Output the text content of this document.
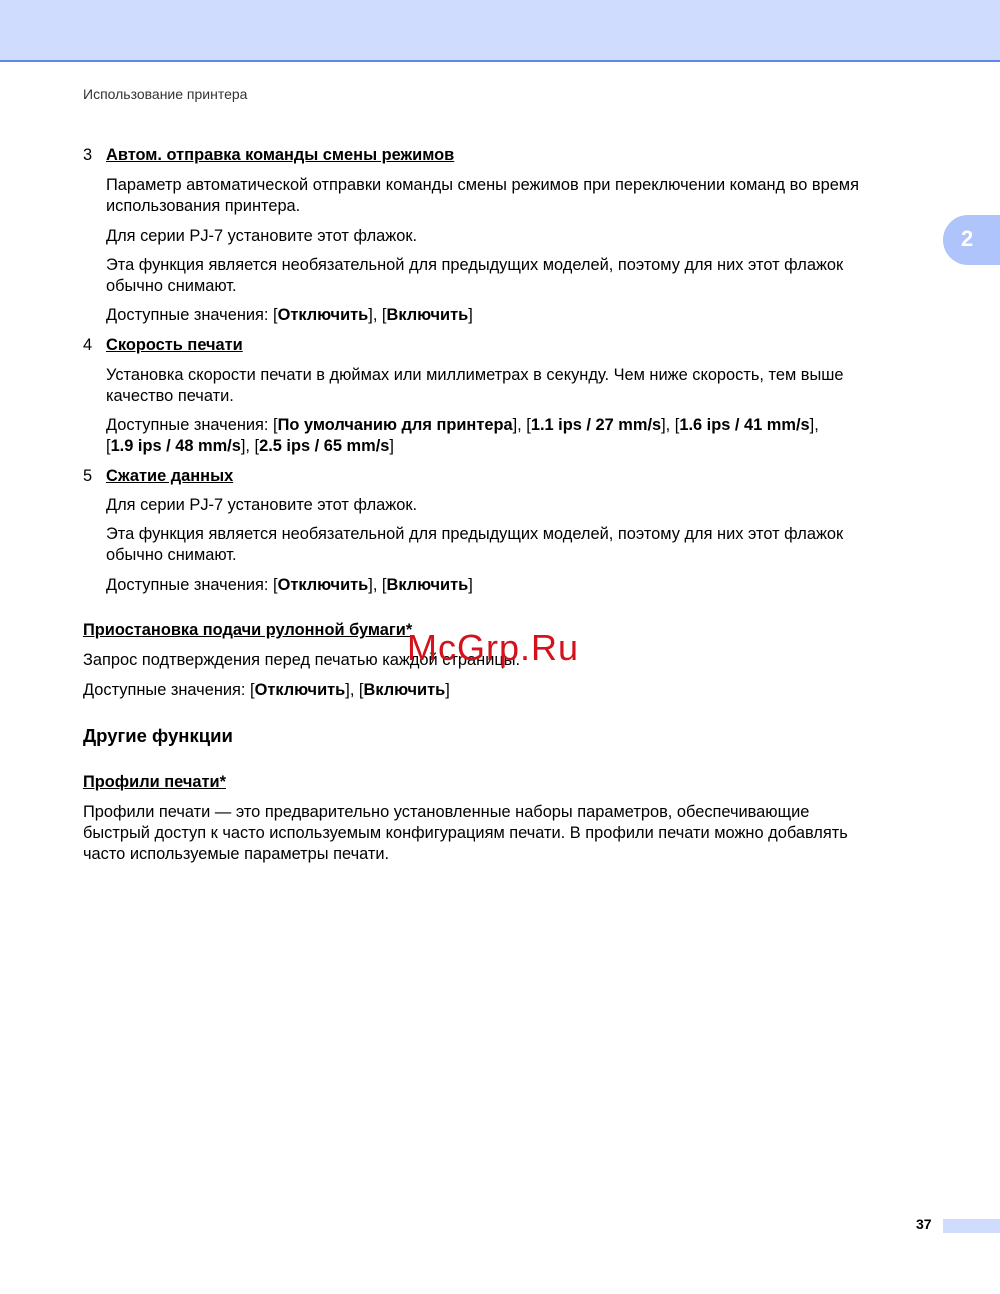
Использование принтера
2
3 Автом. отправка команды смены режимов
Параметр автоматической отправки команды смены режимов при переключении команд во время
использования принтера.
Для серии PJ-7 установите этот флажок.
Эта функция является необязательной для предыдущих моделей, поэтому для них этот флажок
обычно снимают.
Доступные значения: [Отключить], [Включить]
4 Скорость печати
Установка скорости печати в дюймах или миллиметрах в секунду. Чем ниже скорость, тем выше
качество печати.
Доступные значения: [По умолчанию для принтера], [1.1 ips / 27 mm/s], [1.6 ips / 41 mm/s],
[1.9 ips / 48 mm/s], [2.5 ips / 65 mm/s]
5 Сжатие данных
Для серии PJ-7 установите этот флажок.
Эта функция является необязательной для предыдущих моделей, поэтому для них этот флажок
обычно снимают.
Доступные значения: [Отключить], [Включить]
Приостановка подачи рулонной бумаги*
Запрос подтверждения перед печатью каждой страницы.
Доступные значения: [Отключить], [Включить]
McGrp.Ru
Другие функции
Профили печати*
Профили печати — это предварительно установленные наборы параметров, обеспечивающие
быстрый доступ к часто используемым конфигурациям печати. В профили печати можно добавлять
часто используемые параметры печати.
37
